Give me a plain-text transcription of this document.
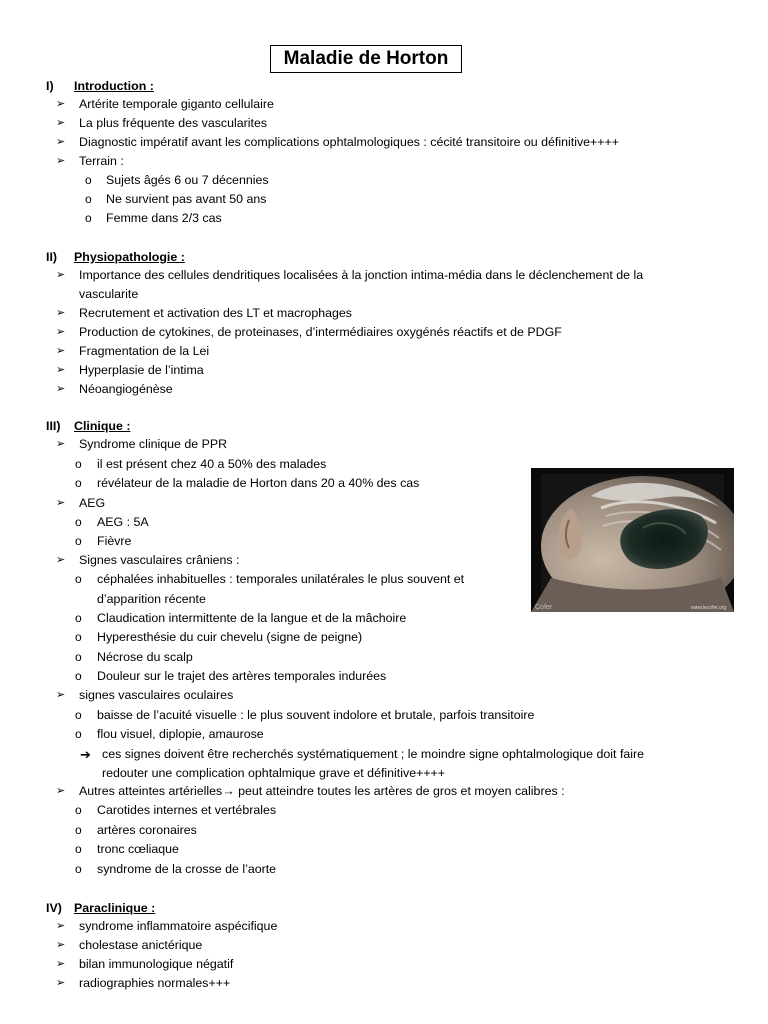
Maladie de Horton
I) Introduction :
➢ Artérite temporale giganto cellulaire
➢ La plus fréquente des vascularites
➢ Diagnostic impératif avant les complications ophtalmologiques : cécité transitoire ou définitive++++
➢ Terrain :
o Sujets âgés 6 ou 7 décennies
o Ne survient pas avant 50 ans
o Femme dans 2/3 cas
II) Physiopathologie :
➢ Importance des cellules dendritiques localisées à la jonction intima-média dans le déclenchement de la
vascularite
➢ Recrutement et activation des LT et macrophages
➢ Production de cytokines, de proteinases, d’intermédiaires oxygénés réactifs et de PDGF
➢ Fragmentation de la Lei
➢ Hyperplasie de l’intima
➢ Néoangiogénèse
III) Clinique :
➢ Syndrome clinique de PPR
o il est présent chez 40 a 50% des malades
o révélateur de la maladie de Horton dans 20 a 40% des cas
➢ AEG
o AEG : 5A
o Fièvre
➢ Signes vasculaires crâniens :
o céphalées inhabituelles : temporales unilatérales le plus souvent et
d’apparition récente
o Claudication intermittente de la langue et de la mâchoire
o Hyperesthésie du cuir chevelu (signe de peigne)
o Nécrose du scalp
o Douleur sur le trajet des artères temporales indurées
➢ signes vasculaires oculaires
o baisse de l’acuité visuelle : le plus souvent indolore et brutale, parfois transitoire
o flou visuel, diplopie, amaurose
➔ ces signes doivent être recherchés systématiquement ; le moindre signe ophtalmologique doit faire
redouter une complication ophtalmique grave et définitive++++
➢ Autres atteintes artérielles→ peut atteindre toutes les artères de gros et moyen calibres :
o Carotides internes et vertébrales
o artères coronaires
o tronc cœliaque
o syndrome de la crosse de l’aorte
IV) Paraclinique :
➢ syndrome inflammatoire aspécifique
➢ cholestase anictérique
➢ bilan immunologique négatif
➢ radiographies normales+++
Cofer	www.lecofer.org
